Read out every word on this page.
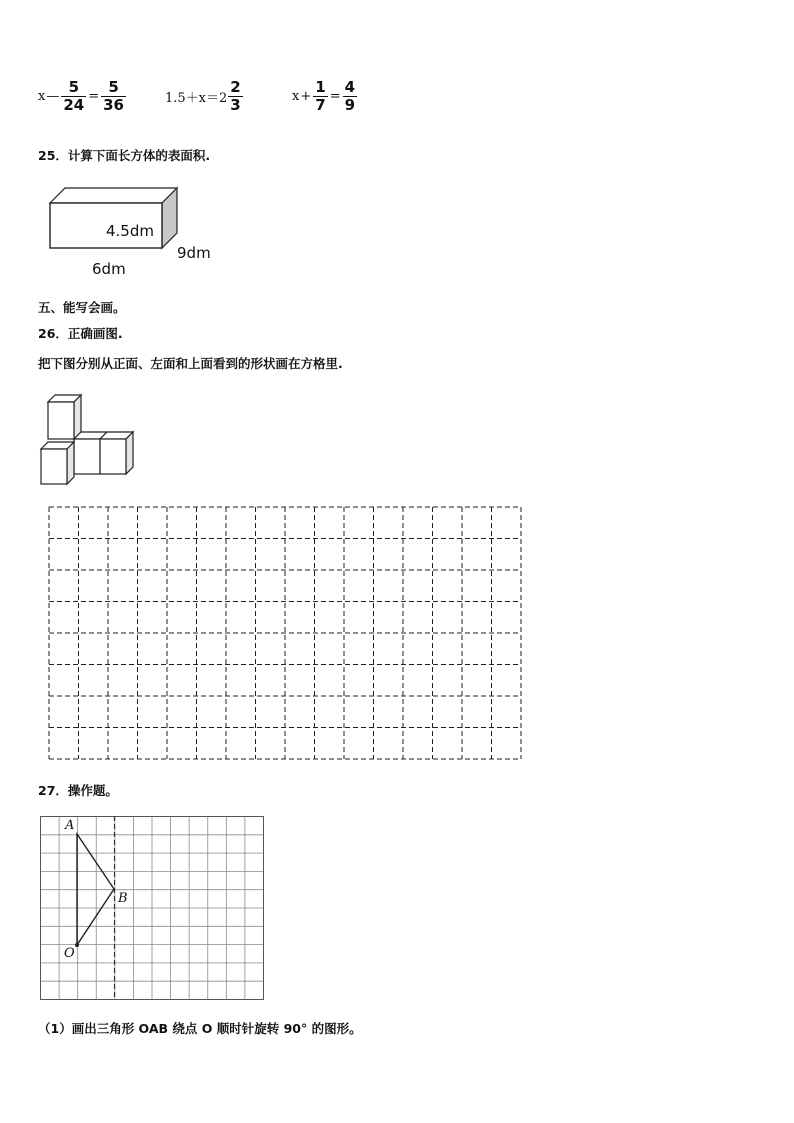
x — $\frac{5}{24} = \frac{5}{36}$	$1.5+x=2 \frac{2}{3}$	$x + \frac{1}{7} = \frac{4}{9}$
25．计算下面长方体的表面积.
4.5dm
9dm
6dm
五、能写会画。
26．正确画图.
把下图分别从正面、左面和上面看到的形状画在方格里.
27．操作题。
A
B
O
（1）画出三角形 OAB 绕点 O 顺时针旋转 90° 的图形。
